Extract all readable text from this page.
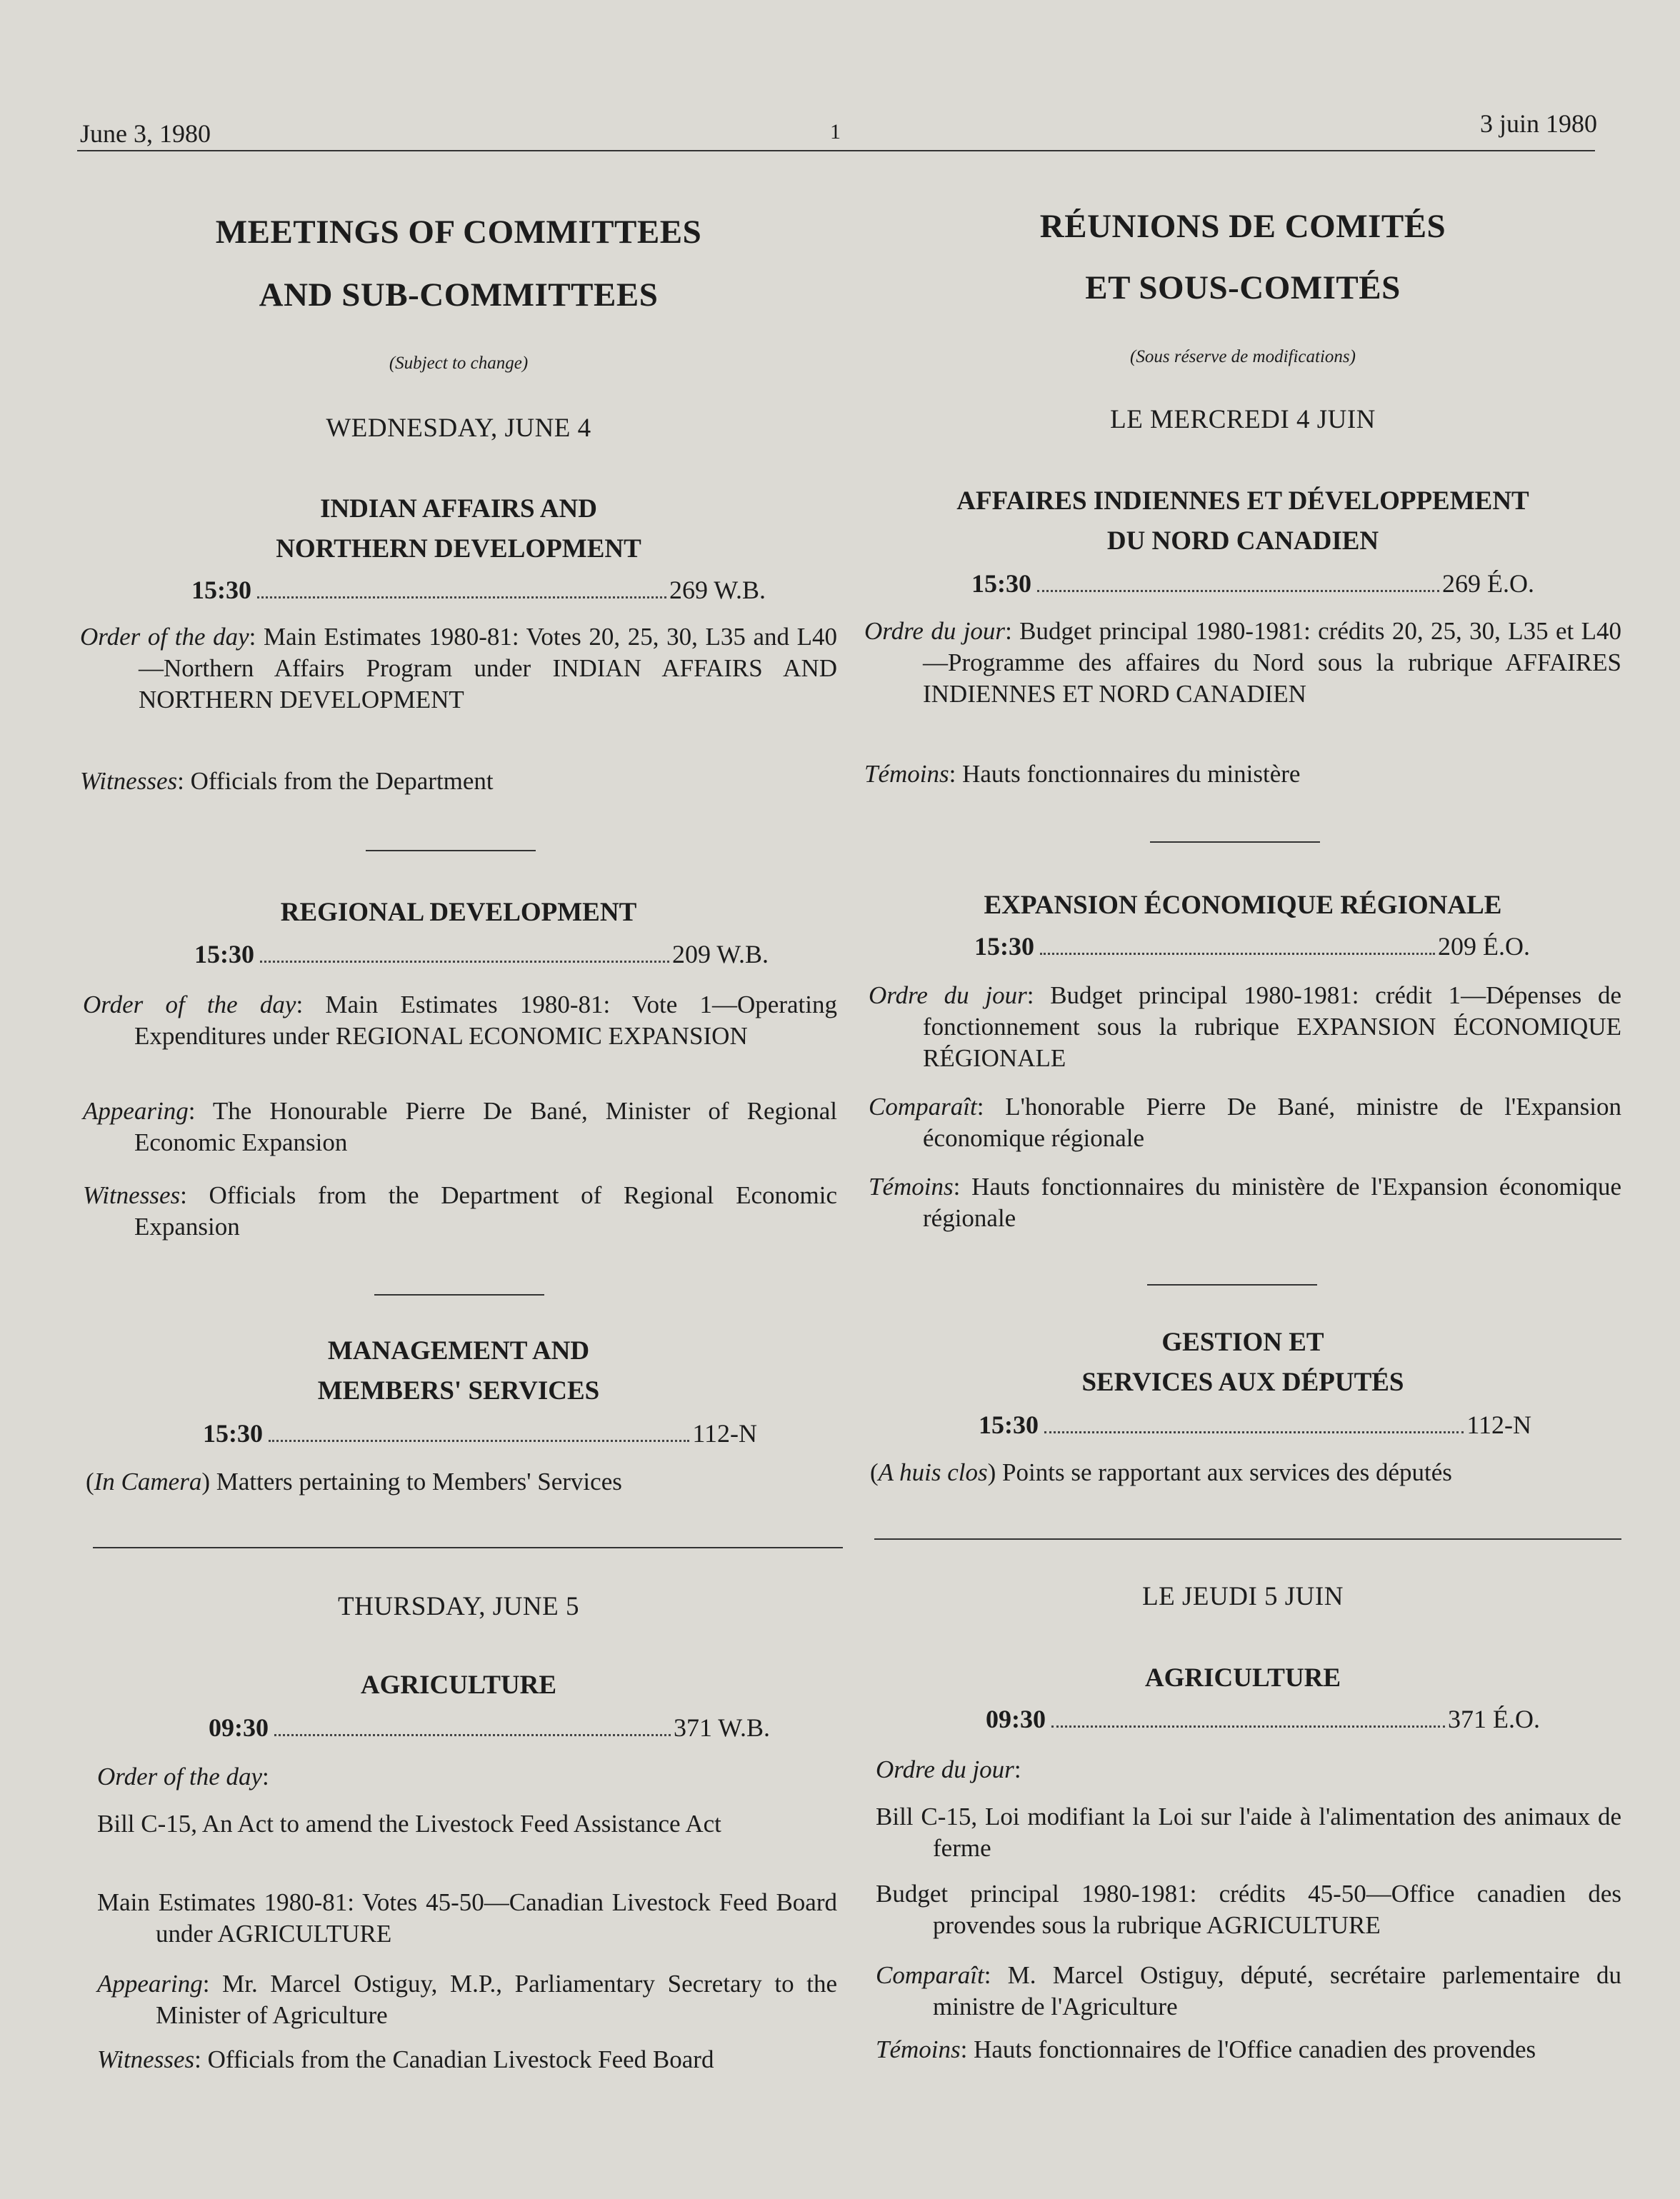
June 3, 1980	1	3 juin 1980
MEETINGS OF COMMITTEES
AND SUB-COMMITTEES
(Subject to change)
WEDNESDAY, JUNE 4
INDIAN AFFAIRS AND
NORTHERN DEVELOPMENT
15:30	269 W.B.
Order of the day: Main Estimates 1980-81: Votes 20, 25, 30, L35 and L40—Northern Affairs Program under INDIAN AFFAIRS AND NORTHERN DEVELOPMENT
Witnesses: Officials from the Department
REGIONAL DEVELOPMENT
15:30	209 W.B.
Order of the day: Main Estimates 1980-81: Vote 1—Operating Expenditures under REGIONAL ECONOMIC EXPANSION
Appearing: The Honourable Pierre De Bané, Minister of Regional Economic Expansion
Witnesses: Officials from the Department of Regional Economic Expansion
MANAGEMENT AND
MEMBERS' SERVICES
15:30	112-N
(In Camera) Matters pertaining to Members' Services
THURSDAY, JUNE 5
AGRICULTURE
09:30	371 W.B.
Order of the day:
Bill C-15, An Act to amend the Livestock Feed Assistance Act
Main Estimates 1980-81: Votes 45-50—Canadian Livestock Feed Board under AGRICULTURE
Appearing: Mr. Marcel Ostiguy, M.P., Parliamentary Secretary to the Minister of Agriculture
Witnesses: Officials from the Canadian Livestock Feed Board
RÉUNIONS DE COMITÉS
ET SOUS-COMITÉS
(Sous réserve de modifications)
LE MERCREDI 4 JUIN
AFFAIRES INDIENNES ET DÉVELOPPEMENT
DU NORD CANADIEN
15:30	269 É.O.
Ordre du jour: Budget principal 1980-1981: crédits 20, 25, 30, L35 et L40—Programme des affaires du Nord sous la rubrique AFFAIRES INDIENNES ET NORD CANADIEN
Témoins: Hauts fonctionnaires du ministère
EXPANSION ÉCONOMIQUE RÉGIONALE
15:30	209 É.O.
Ordre du jour: Budget principal 1980-1981: crédit 1—Dépenses de fonctionnement sous la rubrique EXPANSION ÉCONOMIQUE RÉGIONALE
Comparaît: L'honorable Pierre De Bané, ministre de l'Expansion économique régionale
Témoins: Hauts fonctionnaires du ministère de l'Expansion économique régionale
GESTION ET
SERVICES AUX DÉPUTÉS
15:30	112-N
(A huis clos) Points se rapportant aux services des députés
LE JEUDI 5 JUIN
AGRICULTURE
09:30	371 É.O.
Ordre du jour:
Bill C-15, Loi modifiant la Loi sur l'aide à l'alimentation des animaux de ferme
Budget principal 1980-1981: crédits 45-50—Office canadien des provendes sous la rubrique AGRICULTURE
Comparaît: M. Marcel Ostiguy, député, secrétaire parlementaire du ministre de l'Agriculture
Témoins: Hauts fonctionnaires de l'Office canadien des provendes
